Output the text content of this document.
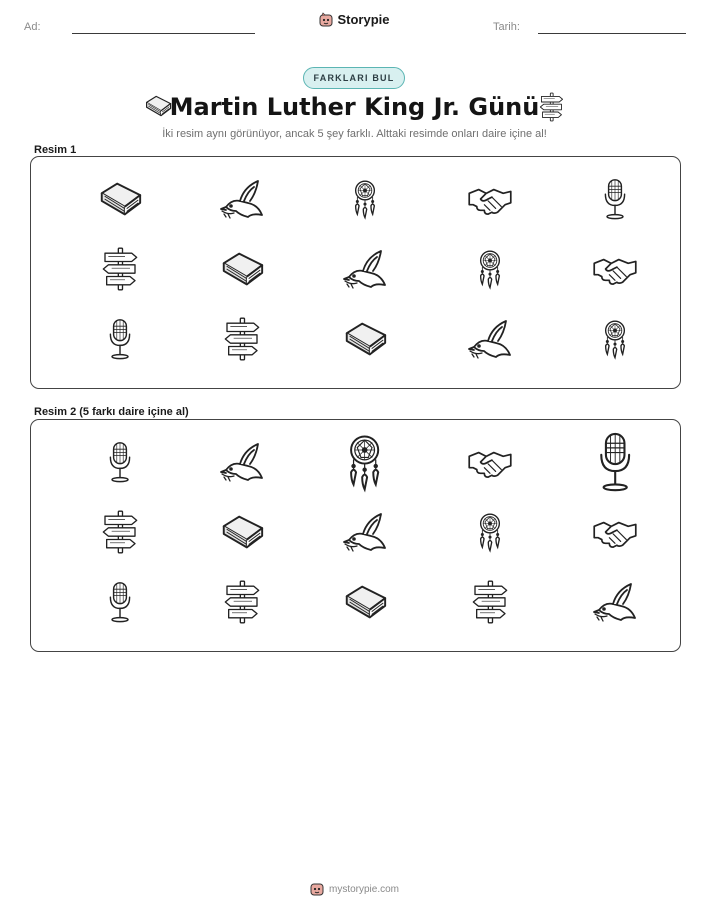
Ad:	Storypie	Tarih:
FARKLARI BUL
Martin Luther King Jr. Günü
İki resim aynı görünüyor, ancak 5 şey farklı. Alttaki resimde onları daire içine al!
Resim 1
Resim 2 (5 farkı daire içine al)
mystorypie.com
